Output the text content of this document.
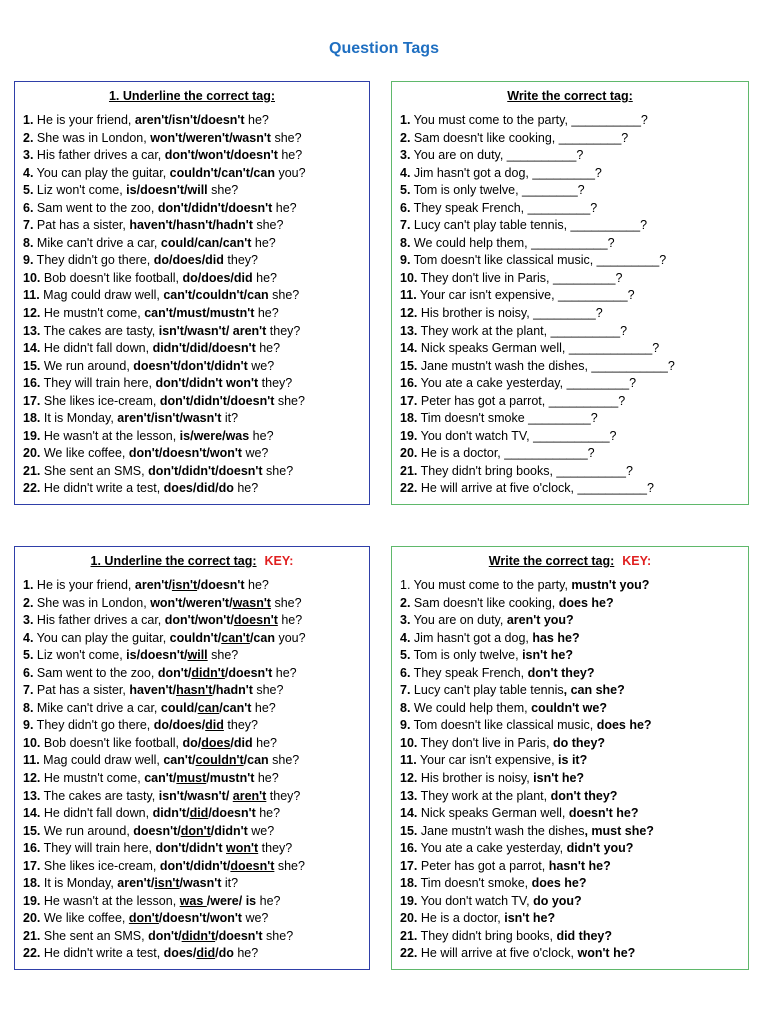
Question Tags
1. Underline the correct tag:
1. He is your friend, aren't/isn't/doesn't he?
2. She was in London, won't/weren't/wasn't she?
3. His father drives a car, don't/won't/doesn't he?
4. You can play the guitar, couldn't/can't/can you?
5. Liz won't come, is/doesn't/will she?
6. Sam went to the zoo, don't/didn't/doesn't he?
7. Pat has a sister, haven't/hasn't/hadn't she?
8. Mike can't drive a car, could/can/can't he?
9. They didn't go there, do/does/did they?
10. Bob doesn't like football, do/does/did he?
11. Mag could draw well, can't/couldn't/can she?
12. He mustn't come, can't/must/mustn't he?
13. The cakes are tasty, isn't/wasn't/ aren't they?
14. He didn't fall down, didn't/did/doesn't he?
15. We run around, doesn't/don't/didn't we?
16. They will train here, don't/didn't won't they?
17. She likes ice-cream, don't/didn't/doesn't she?
18. It is Monday, aren't/isn't/wasn't it?
19. He wasn't at the lesson, is/were/was he?
20. We like coffee, don't/doesn't/won't we?
21. She sent an SMS, don't/didn't/doesn't she?
22. He didn't write a test, does/did/do he?
Write the correct tag:
1. You must come to the party, __________?
2. Sam doesn't like cooking, _________?
3. You are on duty, __________?
4. Jim hasn't got a dog, _________?
5. Tom is only twelve, ________?
6. They speak French, _________?
7. Lucy can't play table tennis, __________?
8. We could help them, ___________?
9. Tom doesn't like classical music, _________?
10. They don't live in Paris, _________?
11. Your car isn't expensive, __________?
12. His brother is noisy, _________?
13. They work at the plant, __________?
14. Nick speaks German well, ____________?
15. Jane mustn't wash the dishes, ___________?
16. You ate a cake yesterday, _________?
17. Peter has got a parrot, __________?
18. Tim doesn't smoke _________?
19. You don't watch TV, ___________?
20. He is a doctor, ____________?
21. They didn't bring books, __________?
22. He will arrive at five o'clock, __________?
1. Underline the correct tag: KEY:
1. He is your friend, aren't/isn't/doesn't he?
2. She was in London, won't/weren't/wasn't she?
3. His father drives a car, don't/won't/doesn't he?
4. You can play the guitar, couldn't/can't/can you?
5. Liz won't come, is/doesn't/will she?
6. Sam went to the zoo, don't/didn't/doesn't he?
7. Pat has a sister, haven't/hasn't/hadn't she?
8. Mike can't drive a car, could/can/can't he?
9. They didn't go there, do/does/did they?
10. Bob doesn't like football, do/does/did he?
11. Mag could draw well, can't/couldn't/can she?
12. He mustn't come, can't/must/mustn't he?
13. The cakes are tasty, isn't/wasn't/ aren't they?
14. He didn't fall down, didn't/did/doesn't he?
15. We run around, doesn't/don't/didn't we?
16. They will train here, don't/didn't won't they?
17. She likes ice-cream, don't/didn't/doesn't she?
18. It is Monday, aren't/isn't/wasn't it?
19. He wasn't at the lesson, was /were/ is he?
20. We like coffee, don't/doesn't/won't we?
21. She sent an SMS, don't/didn't/doesn't she?
22. He didn't write a test, does/did/do he?
Write the correct tag: KEY:
1. You must come to the party, mustn't you?
2. Sam doesn't like cooking, does he?
3. You are on duty, aren't you?
4. Jim hasn't got a dog, has he?
5. Tom is only twelve, isn't he?
6. They speak French, don't they?
7. Lucy can't play table tennis, can she?
8. We could help them, couldn't we?
9. Tom doesn't like classical music, does he?
10. They don't live in Paris, do they?
11. Your car isn't expensive, is it?
12. His brother is noisy, isn't he?
13. They work at the plant, don't they?
14. Nick speaks German well, doesn't he?
15. Jane mustn't wash the dishes, must she?
16. You ate a cake yesterday, didn't you?
17. Peter has got a parrot, hasn't he?
18. Tim doesn't smoke, does he?
19. You don't watch TV, do you?
20. He is a doctor, isn't he?
21. They didn't bring books, did they?
22. He will arrive at five o'clock, won't he?
